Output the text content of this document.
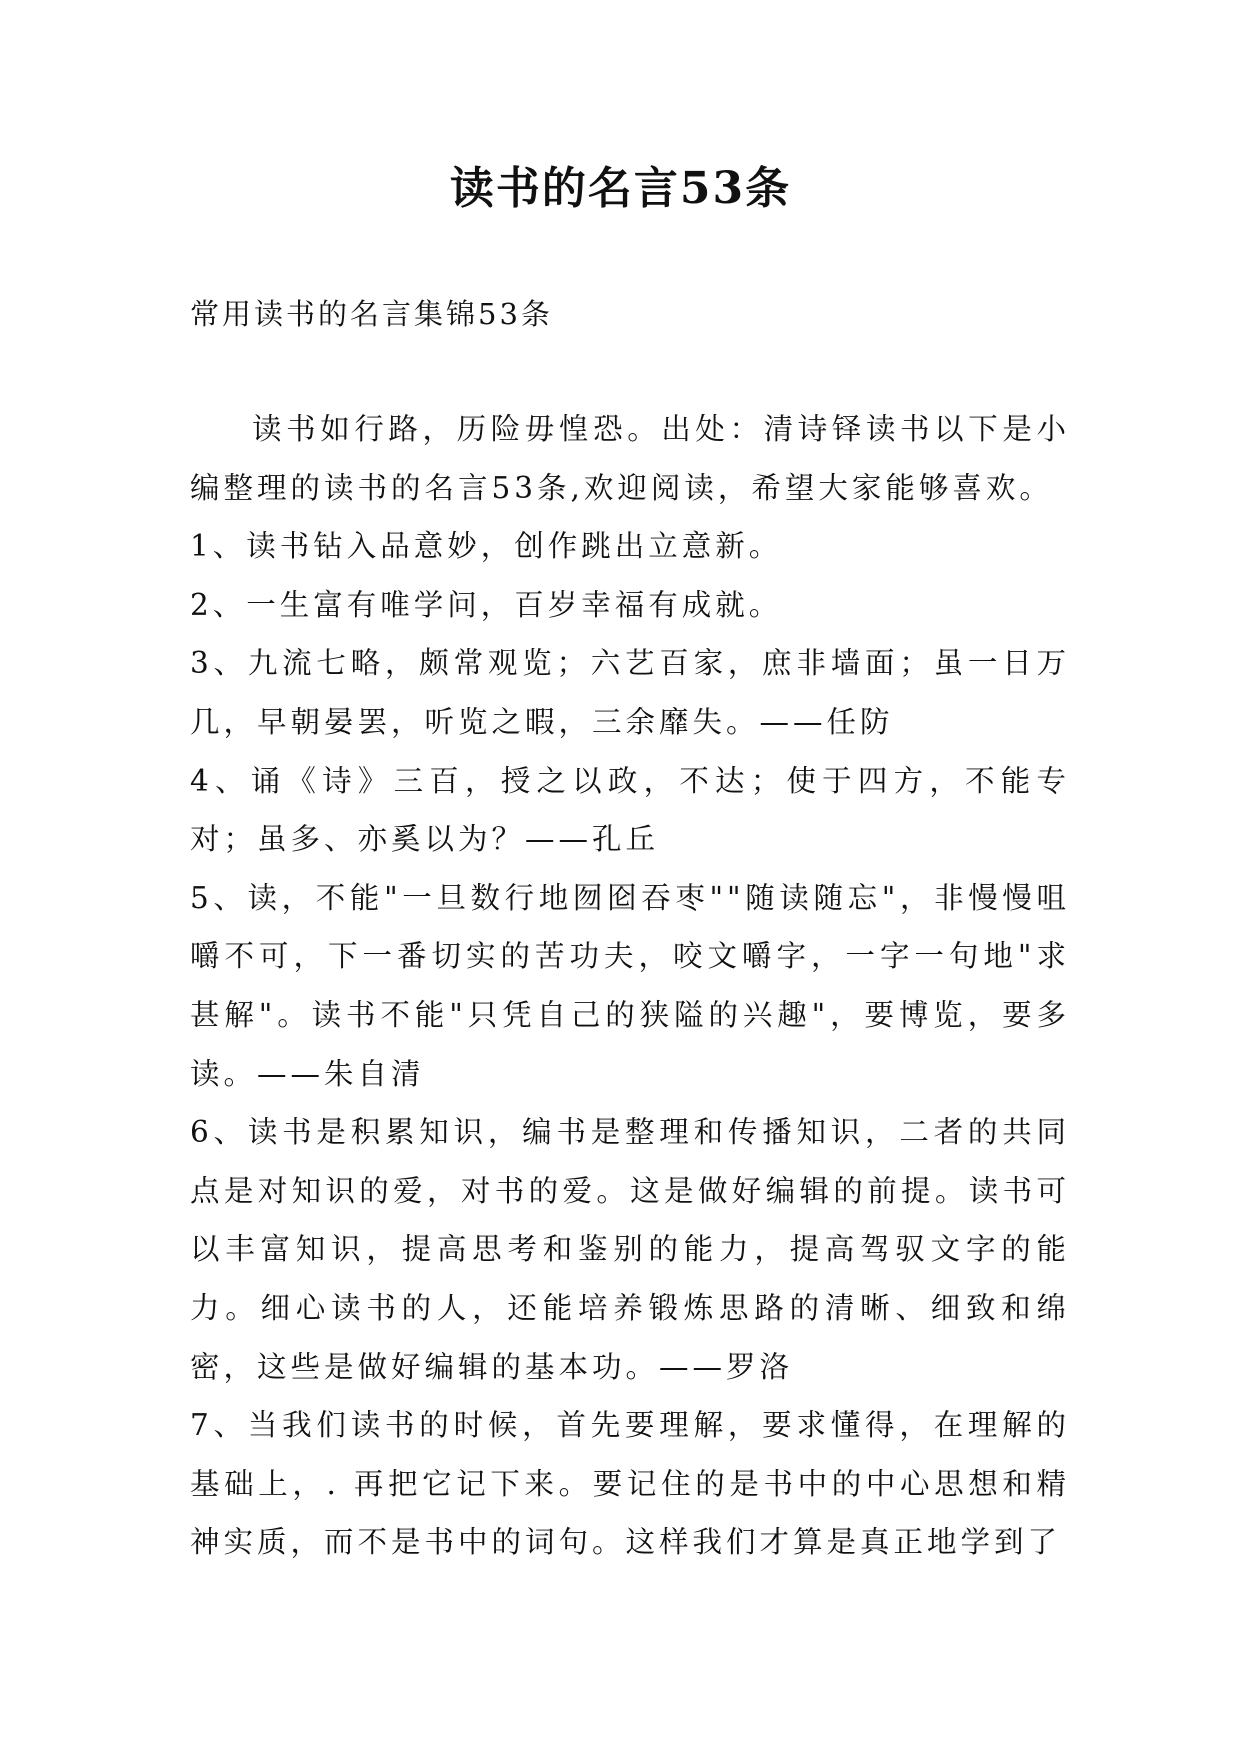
读书的名言53条

常用读书的名言集锦53条

读书如行路，历险毋惶恐。出处：清诗铎读书以下是小编整理的读书的名言53条,欢迎阅读，希望大家能够喜欢。

1、读书钻入品意妙，创作跳出立意新。

2、一生富有唯学问，百岁幸福有成就。

3、九流七略，颇常观览；六艺百家，庶非墙面；虽一日万几，早朝晏罢，听览之暇，三余靡失。——任防

4、诵《诗》三百，授之以政，不达；使于四方，不能专对；虽多、亦奚以为？——孔丘

5、读，不能"一旦数行地囫囵吞枣""随读随忘"，非慢慢咀嚼不可，下一番切实的苦功夫，咬文嚼字，一字一句地"求甚解"。读书不能"只凭自己的狭隘的兴趣"，要博览，要多读。——朱自清

6、读书是积累知识，编书是整理和传播知识，二者的共同点是对知识的爱，对书的爱。这是做好编辑的前提。读书可以丰富知识，提高思考和鉴别的能力，提高驾驭文字的能力。细心读书的人，还能培养锻炼思路的清晰、细致和绵密，这些是做好编辑的基本功。——罗洛

7、当我们读书的时候，首先要理解，要求懂得，在理解的基础上，. 再把它记下来。要记住的是书中的中心思想和精神实质，而不是书中的词句。这样我们才算是真正地学到了
